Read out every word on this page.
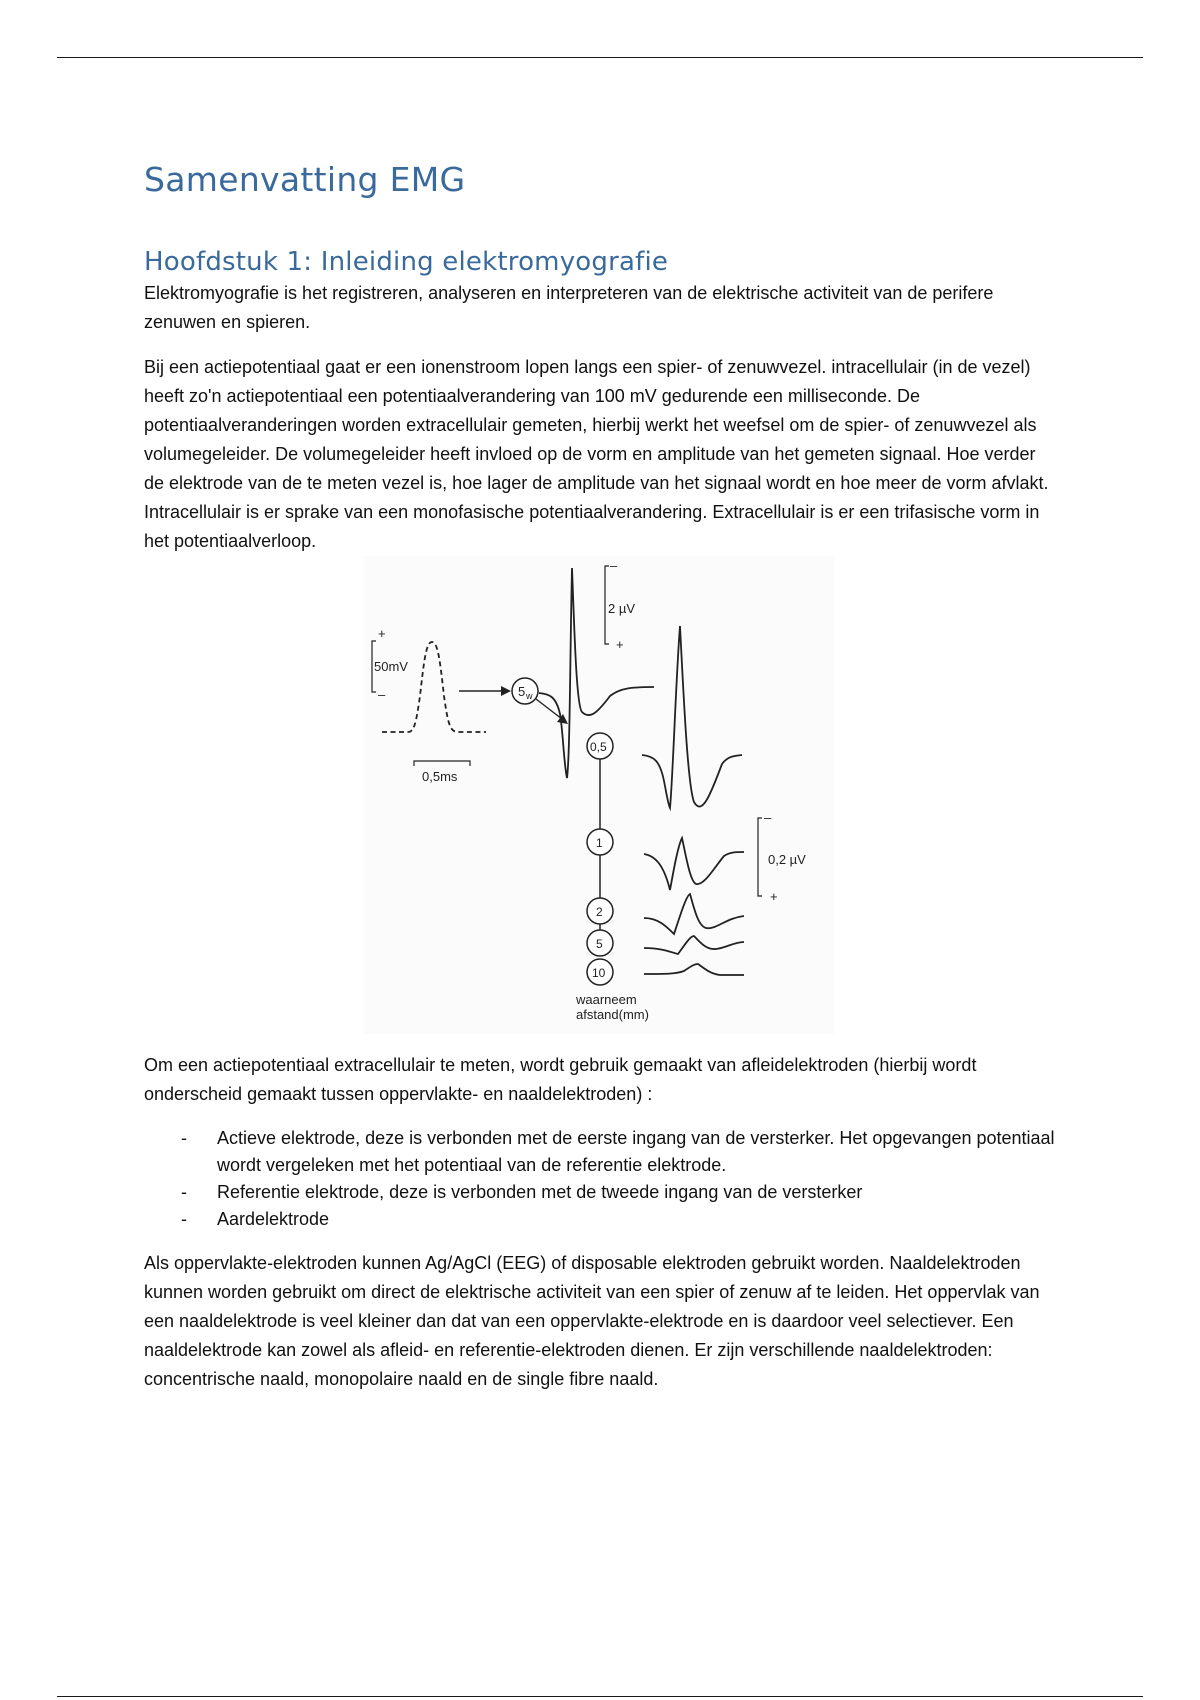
Samenvatting EMG
Hoofdstuk 1: Inleiding elektromyografie

Elektromyografie is het registreren, analyseren en interpreteren van de elektrische activiteit van de perifere zenuwen en spieren.

Bij een actiepotentiaal gaat er een ionenstroom lopen langs een spier- of zenuwvezel. intracellulair (in de vezel) heeft zo'n actiepotentiaal een potentiaalverandering van 100 mV gedurende een milliseconde. De potentiaalveranderingen worden extracellulair gemeten, hierbij werkt het weefsel om de spier- of zenuwvezel als volumegeleider. De volumegeleider heeft invloed op de vorm en amplitude van het gemeten signaal. Hoe verder de elektrode van de te meten vezel is, hoe lager de amplitude van het signaal wordt en hoe meer de vorm afvlakt. Intracellulair is er sprake van een monofasische potentiaalverandering. Extracellulair is er een trifasische vorm in het potentiaalverloop.

+
–
50mV
0,5ms
5 w
–
2 µV
+
0,5
1
2
5
10
waarneem
afstand(mm)
–
0,2 µV
+

Om een actiepotentiaal extracellulair te meten, wordt gebruik gemaakt van afleidelektroden (hierbij wordt onderscheid gemaakt tussen oppervlakte- en naaldelektroden) :

- Actieve elektrode, deze is verbonden met de eerste ingang van de versterker. Het opgevangen potentiaal wordt vergeleken met het potentiaal van de referentie elektrode.
- Referentie elektrode, deze is verbonden met de tweede ingang van de versterker
- Aardelektrode

Als oppervlakte-elektroden kunnen Ag/AgCl (EEG) of disposable elektroden gebruikt worden. Naaldelektroden kunnen worden gebruikt om direct de elektrische activiteit van een spier of zenuw af te leiden. Het oppervlak van een naaldelektrode is veel kleiner dan dat van een oppervlakte-elektrode en is daardoor veel selectiever. Een naaldelektrode kan zowel als afleid- en referentie-elektroden dienen. Er zijn verschillende naaldelektroden: concentrische naald, monopolaire naald en de single fibre naald.
